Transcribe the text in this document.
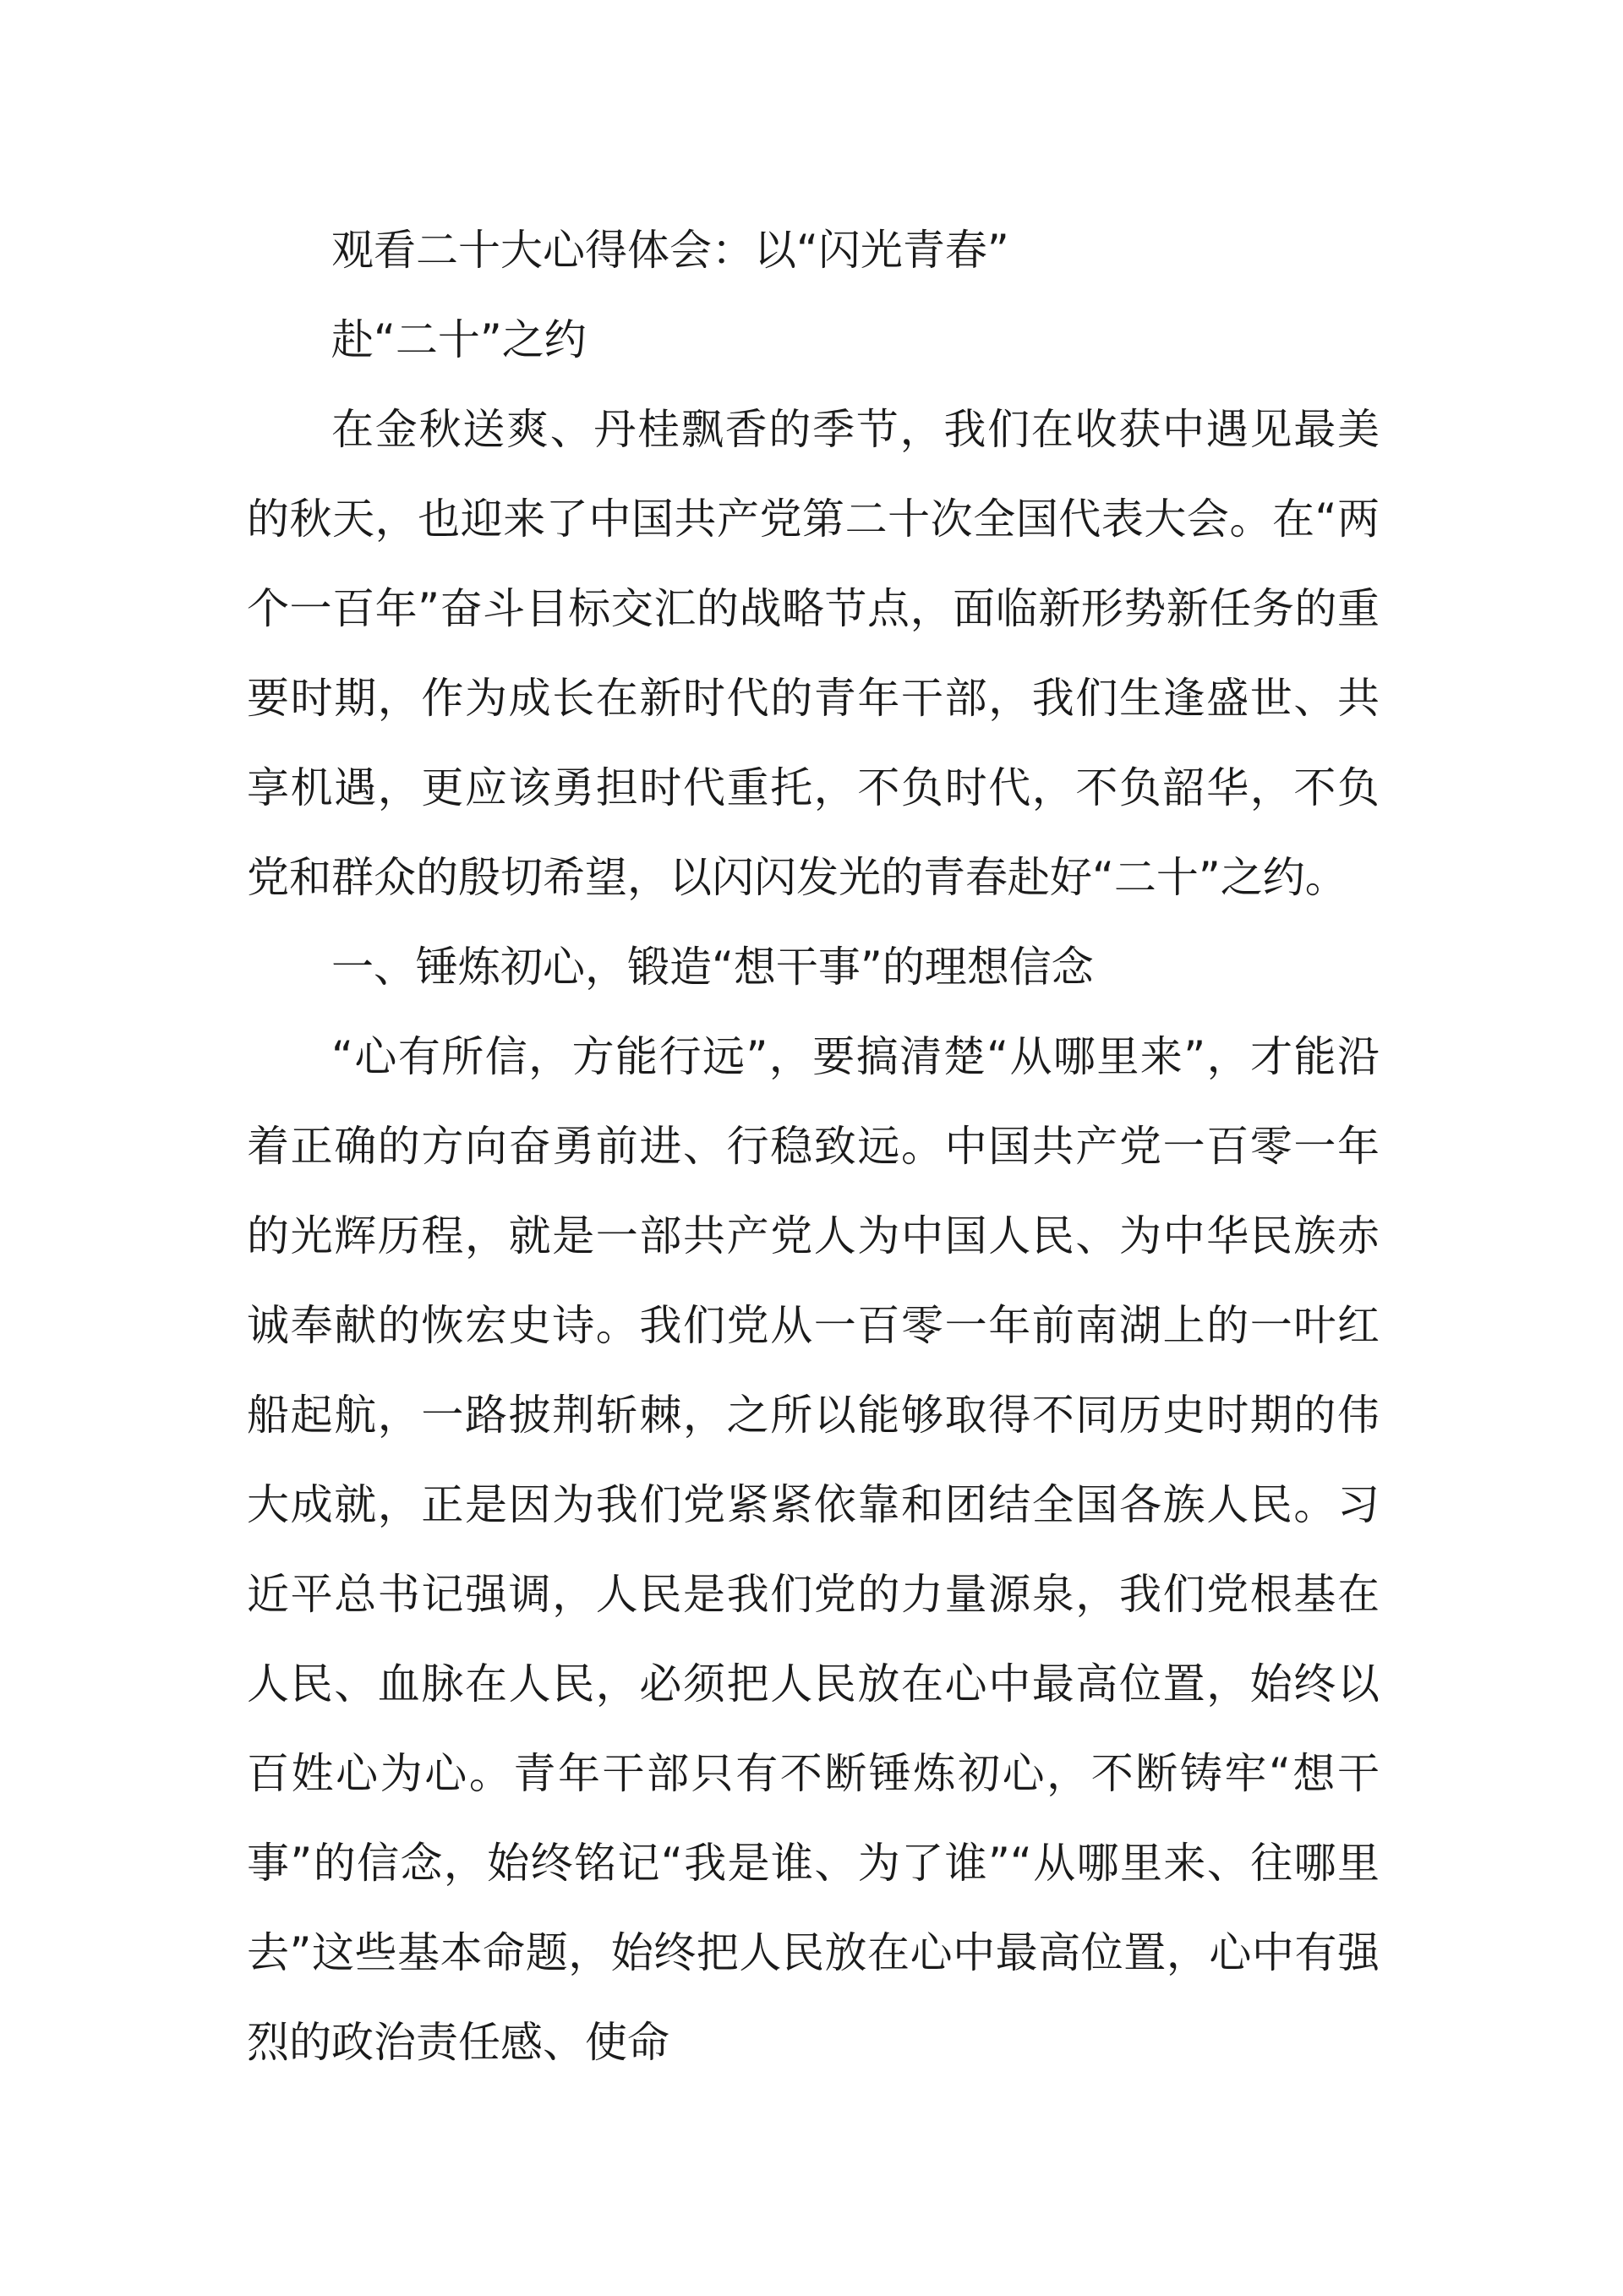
观看二十大心得体会：以“闪光青春”

赴“二十”之约

在金秋送爽、丹桂飘香的季节，我们在收获中遇见最美的秋天，也迎来了中国共产党第二十次全国代表大会。在“两个一百年”奋斗目标交汇的战略节点，面临新形势新任务的重要时期，作为成长在新时代的青年干部，我们生逢盛世、共享机遇，更应该勇担时代重托，不负时代，不负韶华，不负党和群众的殷切希望，以闪闪发光的青春赴好“二十”之约。

一、锤炼初心，锻造“想干事”的理想信念

“心有所信，方能行远”，要搞清楚“从哪里来”，才能沿着正确的方向奋勇前进、行稳致远。中国共产党一百零一年的光辉历程，就是一部共产党人为中国人民、为中华民族赤诚奉献的恢宏史诗。我们党从一百零一年前南湖上的一叶红船起航，一路披荆斩棘，之所以能够取得不同历史时期的伟大成就，正是因为我们党紧紧依靠和团结全国各族人民。习近平总书记强调，人民是我们党的力量源泉，我们党根基在人民、血脉在人民，必须把人民放在心中最高位置，始终以百姓心为心。青年干部只有不断锤炼初心，不断铸牢“想干事”的信念，始终铭记“我是谁、为了谁”“从哪里来、往哪里去”这些基本命题，始终把人民放在心中最高位置，心中有强烈的政治责任感、使命
